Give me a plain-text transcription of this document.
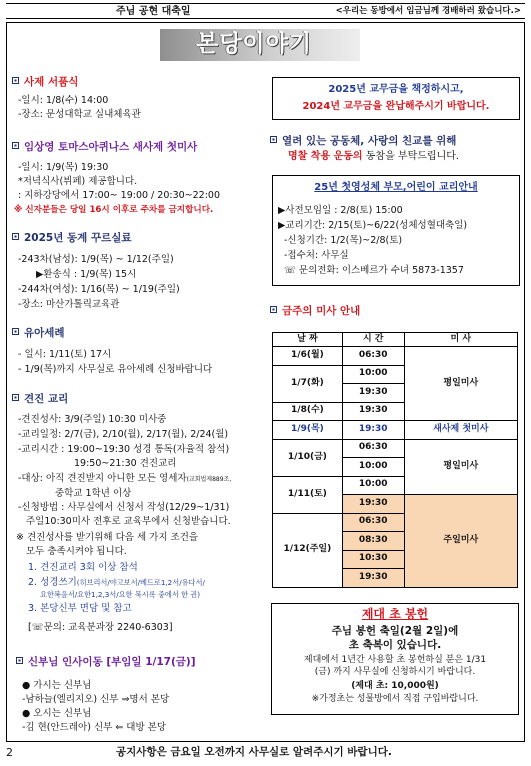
주님 공현 대축일	<우리는 동방에서 임금님께 경배하러 왔습니다.>
본당이야기
사제 서품식
-일시: 1/8(수) 14:00
-장소: 문성대학교 실내체육관
임상영 토마스아퀴나스 새사제 첫미사
-일시: 1/9(목) 19:30
*저녁식사(뷔페) 제공합니다.
: 지하강당에서 17:00~ 19:00 / 20:30~22:00
※ 신자분들은 당일 16시 이후로 주차를 금지합니다.
2025년 동계 꾸르실료
-243차(남성): 1/9(목) ~ 1/12(주일)
▶환송식 : 1/9(목) 15시
-244차(여성): 1/16(목) ~ 1/19(주일)
-장소: 마산가톨릭교육관
유아세례
- 일시: 1/11(토) 17시
- 1/9(목)까지 사무실로 유아세례 신청바랍니다
견진 교리
-견진성사: 3/9(주일) 10:30 미사중
-교리일정: 2/7(금), 2/10(월), 2/17(월), 2/24(월)
-교리시간 : 19:00~19:30 성경 통독(자율적 참석)
19:50~21:30 견진교리
-대상: 아직 견진받지 아니한 모든 영세자(교회법제889조,
중학교 1학년 이상
-신청방법 : 사무실에서 신청서 작성(12/29~1/31)
주일10:30미사 전후로 교육부에서 신청받습니다.
※ 견진성사를 받기위해 다음 세 가지 조건을
모두 충족시켜야 됩니다.
1. 견진교리 3회 이상 참석
2. 성경쓰기(히브리서/야고보서/베드로1,2서/유다서/
요한복음서/요한1,2,3서/요한 묵시록 중에서 한 권)
3. 본당신부 면담 및 참고
[☏문의: 교육분과장 2240-6303]
신부님 인사이동 [부임일 1/17(금)]
● 가시는 신부님
-남하늘(엘리지오) 신부 ⇒명서 본당
● 오시는 신부님
-김 현(안드레아) 신부 ⇐ 대방 본당
2025년 교무금을 책정하시고,
2024년 교무금을 완납해주시기 바랍니다.
열려 있는 공동체, 사랑의 친교를 위해
명찰 착용 운동의 동참을 부탁드립니다.
25년 첫영성체 부모,어린이 교리안내
▶사전모임일 : 2/8(토) 15:00
▶교리기간: 2/15(토)~6/22(성체성혈대축일)
-신청기간: 1/2(목)~2/8(토)
-접수처: 사무실
☏ 문의전화: 이스베르가 수녀 5873-1357
금주의 미사 안내
날 짜	시 간	미 사
1/6(월)	06:30	평일미사
1/7(화)	10:00	
	19:30	
1/8(수)	19:30	
1/9(목)	19:30	새사제 첫미사
1/10(금)	06:30	평일미사
	10:00	
1/11(토)	10:00	
	19:30	주일미사
1/12(주일)	06:30	
	08:30	
	10:30	
	19:30	
제대 초 봉헌
주님 봉헌 축일(2월 2일)에
초 축복이 있습니다.
제대에서 1년간 사용할 초 봉헌하실 분은 1/31
(금) 까지 사무실에 신청하시기 바랍니다.
(제대 초: 10,000원)
※가정초는 성물방에서 직접 구입바랍니다.
2	공지사항은 금요일 오전까지 사무실로 알려주시기 바랍니다.
